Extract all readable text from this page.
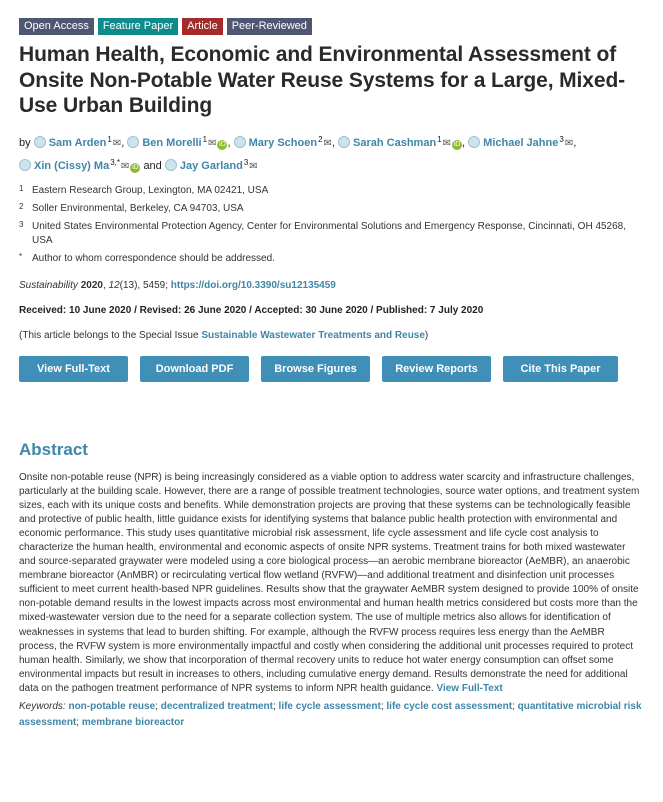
Open Access	Feature Paper	Article	Peer-Reviewed
Human Health, Economic and Environmental Assessment of Onsite Non-Potable Water Reuse Systems for a Large, Mixed-Use Urban Building
by Sam Arden$^1$✉, Ben Morelli$^1$✉ iD , Mary Schoen$^2$✉, Sarah Cashman$^1$✉ iD , Michael Jahne$^3$✉, Xin (Cissy) $Ma^{3,*}✉$ iD and Jay Garland$^3$✉
1 Eastern Research Group, Lexington, MA 02421, USA
2 Soller Environmental, Berkeley, CA 94703, USA
3 United States Environmental Protection Agency, Center for Environmental Solutions and Emergency Response, Cincinnati, OH 45268, USA
* Author to whom correspondence should be addressed.
Sustainability 2020, 12(13), 5459; https://doi.org/10.3390/su12135459
Received: 10 June 2020 / Revised: 26 June 2020 / Accepted: 30 June 2020 / Published: 7 July 2020
(This article belongs to the Special Issue Sustainable Wastewater Treatments and Reuse)
View Full-Text	Download PDF	Browse Figures	Review Reports	Cite This Paper
Abstract

Onsite non-potable reuse (NPR) is being increasingly considered as a viable option to address water scarcity and infrastructure challenges, particularly at the building scale. However, there are a range of possible treatment technologies, source water options, and treatment system sizes, each with its unique costs and benefits. While demonstration projects are proving that these systems can be technologically feasible and protective of public health, little guidance exists for identifying systems that balance public health protection with environmental and economic performance. This study uses quantitative microbial risk assessment, life cycle assessment and life cycle cost analysis to characterize the human health, environmental and economic aspects of onsite NPR systems. Treatment trains for both mixed wastewater and source-separated graywater were modeled using a core biological process—an aerobic membrane bioreactor (AeMBR), an anaerobic membrane bioreactor (AnMBR) or recirculating vertical flow wetland (RVFW)—and additional treatment and disinfection unit processes sufficient to meet current health-based NPR guidelines. Results show that the graywater AeMBR system designed to provide 100% of onsite non-potable demand results in the lowest impacts across most environmental and human health metrics considered but costs more than the mixed-wastewater version due to the need for a separate collection system. The use of multiple metrics also allows for identification of weaknesses in systems that lead to burden shifting. For example, although the RVFW process requires less energy than the AeMBR process, the RVFW system is more environmentally impactful and costly when considering the additional unit processes required to protect human health. Similarly, we show that incorporation of thermal recovery units to reduce hot water energy consumption can offset some environmental impacts but result in increases to others, including cumulative energy demand. Results demonstrate the need for additional data on the pathogen treatment performance of NPR systems to inform NPR health guidance. View Full-Text

Keywords: non-potable reuse; decentralized treatment; life cycle assessment; life cycle cost assessment; quantitative microbial risk assessment; membrane bioreactor
